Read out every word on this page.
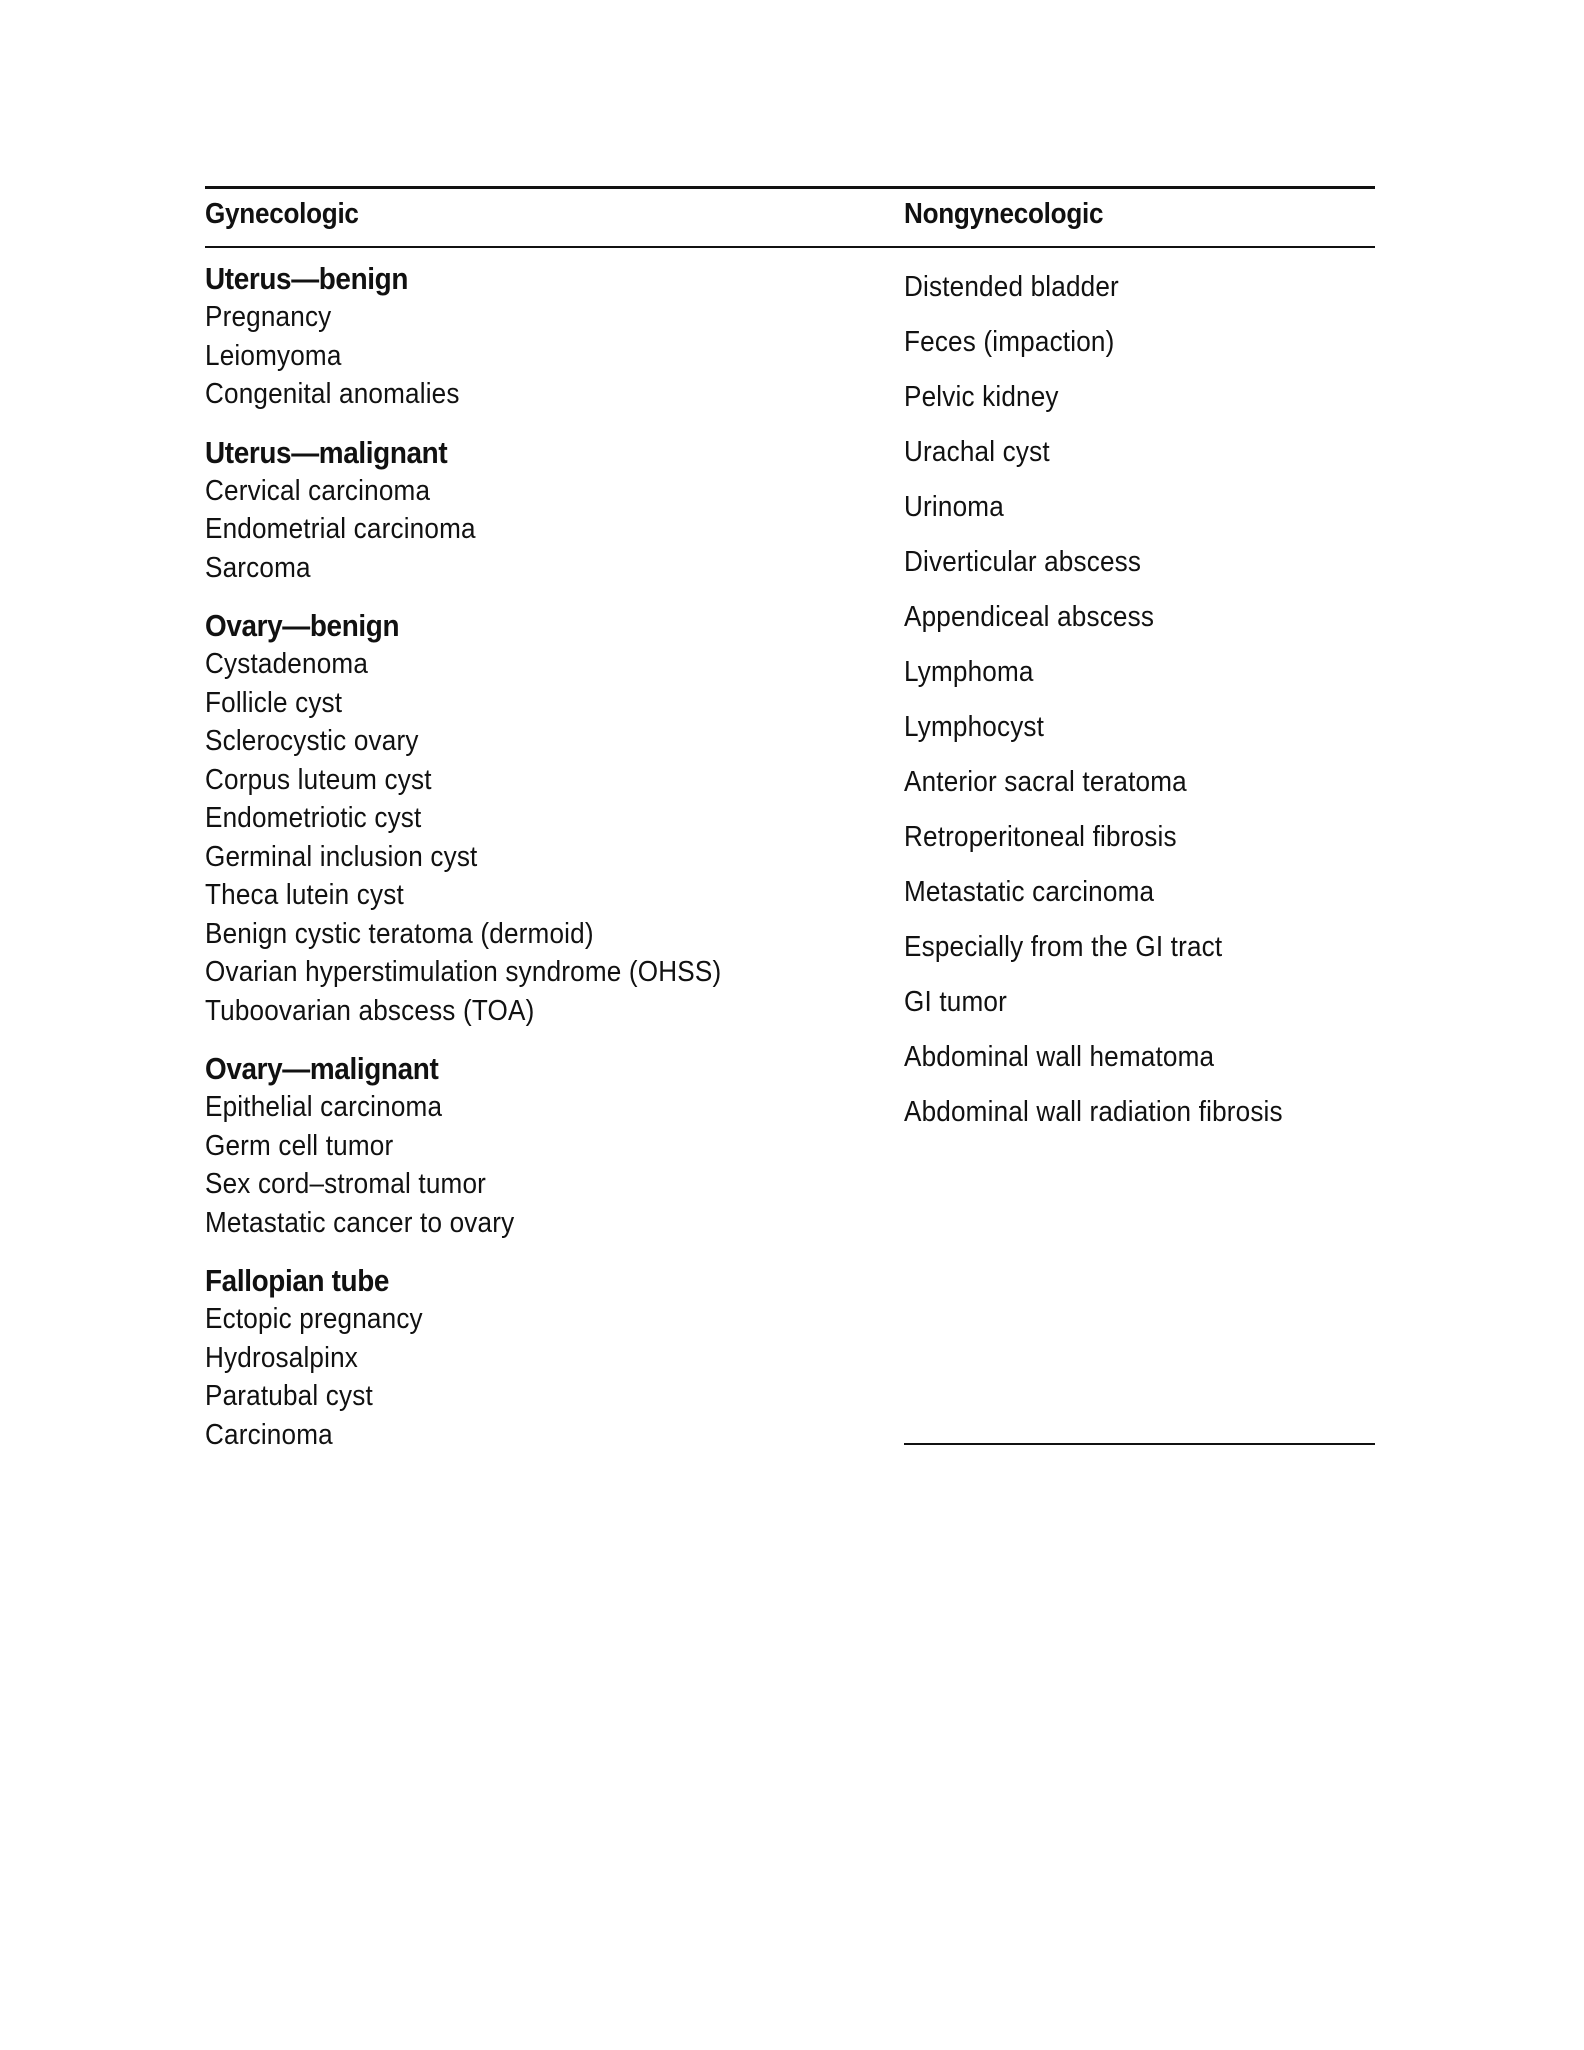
Gynecologic	Nongynecologic
Uterus—benign
Pregnancy
Leiomyoma
Congenital anomalies
Uterus—malignant
Cervical carcinoma
Endometrial carcinoma
Sarcoma
Ovary—benign
Cystadenoma
Follicle cyst
Sclerocystic ovary
Corpus luteum cyst
Endometriotic cyst
Germinal inclusion cyst
Theca lutein cyst
Benign cystic teratoma (dermoid)
Ovarian hyperstimulation syndrome (OHSS)
Tuboovarian abscess (TOA)
Ovary—malignant
Epithelial carcinoma
Germ cell tumor
Sex cord–stromal tumor
Metastatic cancer to ovary
Fallopian tube
Ectopic pregnancy
Hydrosalpinx
Paratubal cyst
Carcinoma
Distended bladder
Feces (impaction)
Pelvic kidney
Urachal cyst
Urinoma
Diverticular abscess
Appendiceal abscess
Lymphoma
Lymphocyst
Anterior sacral teratoma
Retroperitoneal fibrosis
Metastatic carcinoma
Especially from the GI tract
GI tumor
Abdominal wall hematoma
Abdominal wall radiation fibrosis
